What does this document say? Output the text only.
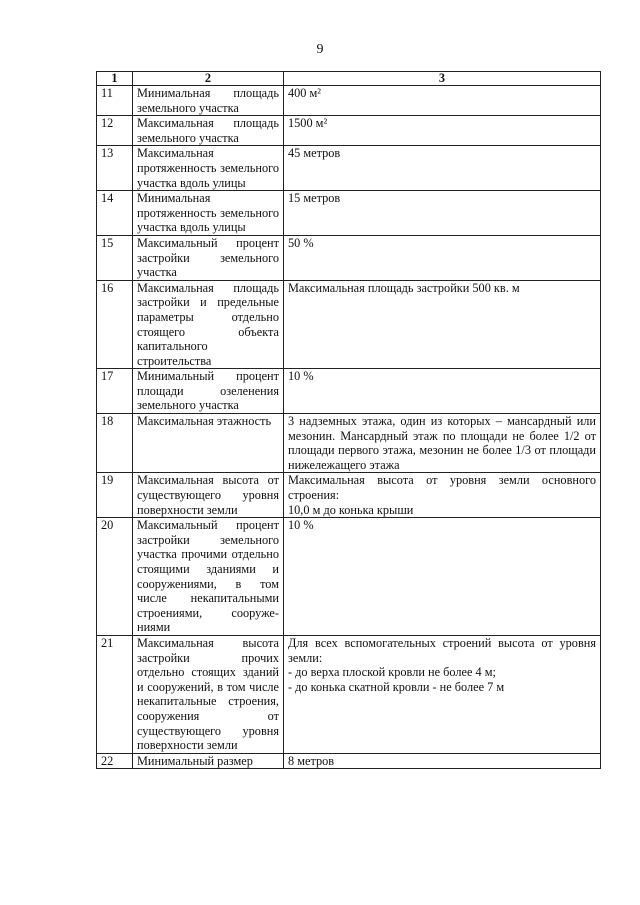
9
1	2	3
11	Минимальная площадь земельного участка	400 м²

12	Максимальная площадь земельного участка	1500 м²

13	Максимальная протяженность земельного участка вдоль улицы	45 метров

14	Минимальная протяженность земельного участка вдоль улицы	15 метров

15	Максимальный процент застройки земельного участка	50 %

16	Максимальная площадь застройки и предельные параметры отдельно стоящего объекта капитального строительства	Максимальная площадь застройки 500 кв. м

17	Минимальный процент площади озеленения земельного участка	10 %

18	Максимальная этажность	3 надземных этажа, один из которых – мансардный или мезонин. Мансардный этаж по площади не более 1/2 от площади первого этажа, мезонин не более 1/3 от площади нижележащего этажа

19	Максимальная высота от существующего уровня поверхности земли	Максимальная высота от уровня земли основного строения:
10,0 м до конька крыши

20	Максимальный процент застройки земельного участка прочими отдельно стоящими зданиями и сооружениями, в том числе некапитальными строениями, сооруже-ниями	10 %

21	Максимальная высота застройки прочих отдельно стоящих зданий и сооружений, в том числе некапитальные строения, сооружения от существующего уровня поверхности земли	Для всех вспомогательных строений высота от уровня земли:
- до верха плоской кровли не более 4 м;
- до конька скатной кровли - не более 7 м

22	Минимальный размер	8 метров
